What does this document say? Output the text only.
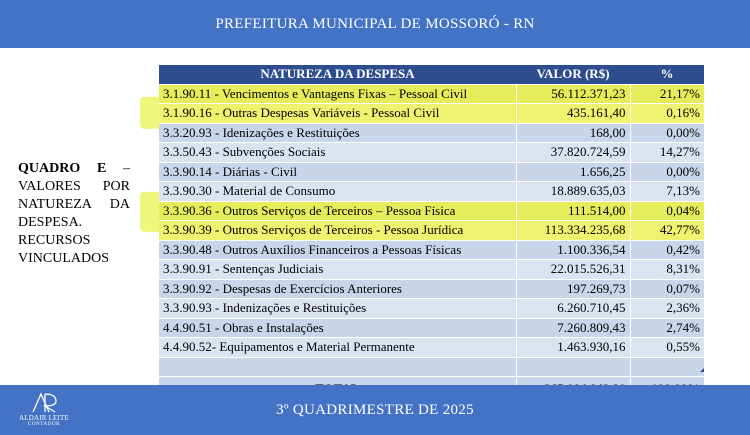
PREFEITURA MUNICIPAL DE MOSSORÓ - RN
QUADRO E – VALORES POR NATUREZA DA DESPESA. RECURSOS VINCULADOS
NATUREZA DA DESPESA	VALOR (R$)	%
3.1.90.11 - Vencimentos e Vantagens Fixas – Pessoal Civil	56.112.371,23	21,17%
3.1.90.16 - Outras Despesas Variáveis - Pessoal Civil	435.161,40	0,16%
3.3.20.93 - Idenizações e Restituições	168,00	0,00%
3.3.50.43 - Subvenções Sociais	37.820.724,59	14,27%
3.3.90.14 - Diárias - Civil	1.656,25	0,00%
3.3.90.30 - Material de Consumo	18.889.635,03	7,13%
3.3.90.36 - Outros Serviços de Terceiros – Pessoa Física	111.514,00	0,04%
3.3.90.39 - Outros Serviços de Terceiros - Pessoa Jurídica	113.334.235,68	42,77%
3.3.90.48 - Outros Auxílios Financeiros a Pessoas Físicas	1.100.336,54	0,42%
3.3.90.91 - Sentenças Judiciais	22.015.526,31	8,31%
3.3.90.92 - Despesas de Exercícios Anteriores	197.269,73	0,07%
3.3.90.93 - Indenizações e Restituições	6.260.710,45	2,36%
4.4.90.51 - Obras e Instalações	7.260.809,43	2,74%
4.4.90.52- Equipamentos e Material Permanente	1.463.930,16	0,55%

ALDAIR LEITE
CONTADOR
3º QUADRIMESTRE DE 2025
